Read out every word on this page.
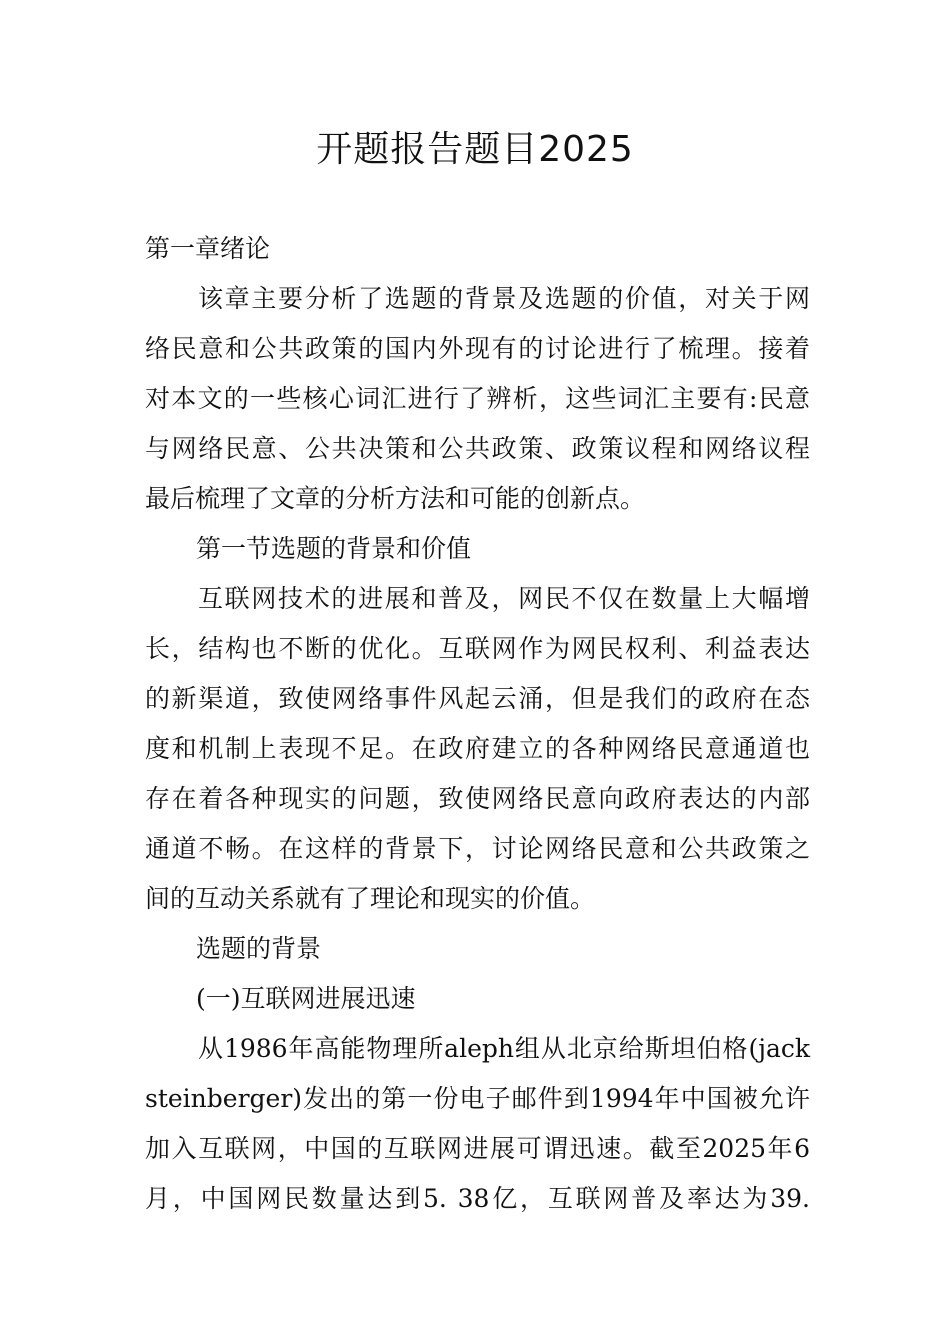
开题报告题目2025

第一章绪论

该章主要分析了选题的背景及选题的价值，对关于网

络民意和公共政策的国内外现有的讨论进行了梳理。接着

对本文的一些核心词汇进行了辨析，这些词汇主要有:民意

与网络民意、公共决策和公共政策、政策议程和网络议程

最后梳理了文章的分析方法和可能的创新点。

第一节选题的背景和价值

互联网技术的进展和普及，网民不仅在数量上大幅增

长，结构也不断的优化。互联网作为网民权利、利益表达

的新渠道，致使网络事件风起云涌，但是我们的政府在态

度和机制上表现不足。在政府建立的各种网络民意通道也

存在着各种现实的问题，致使网络民意向政府表达的内部

通道不畅。在这样的背景下，讨论网络民意和公共政策之

间的互动关系就有了理论和现实的价值。

选题的背景

(一)互联网进展迅速

从1986年高能物理所aleph组从北京给斯坦伯格(jack

steinberger)发出的第一份电子邮件到1994年中国被允许

加入互联网，中国的互联网进展可谓迅速。截至2025年6

月，中国网民数量达到5. 38亿，互联网普及率达为39.
